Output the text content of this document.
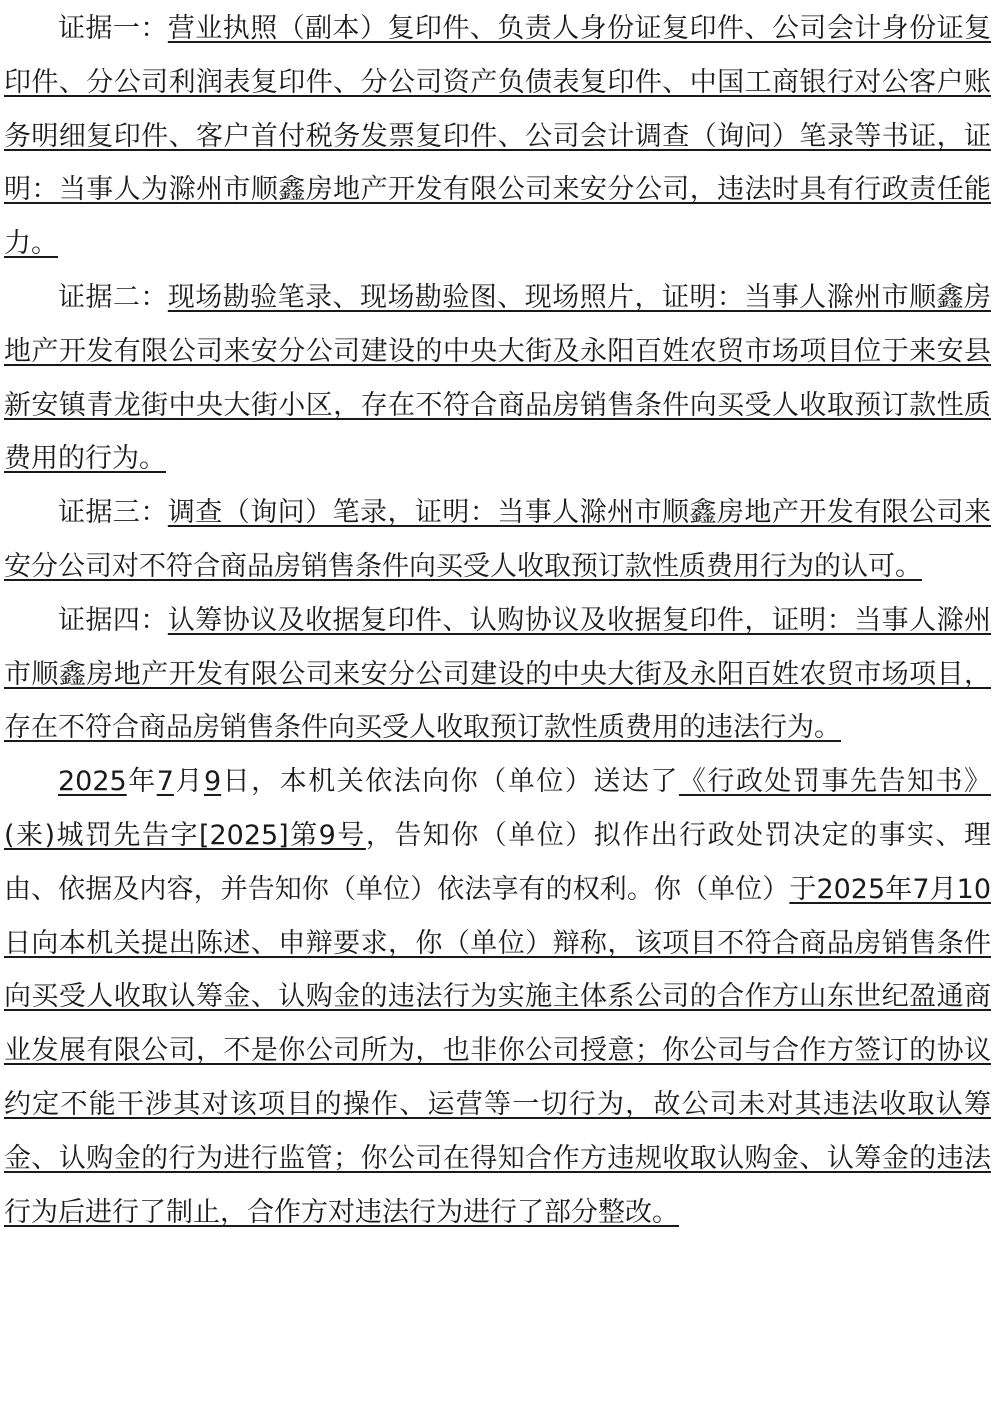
证据一：营业执照（副本）复印件、负责人身份证复印件、公司会计身份证复印件、分公司利润表复印件、分公司资产负债表复印件、中国工商银行对公客户账务明细复印件、客户首付税务发票复印件、公司会计调查（询问）笔录等书证，证明：当事人为滁州市顺鑫房地产开发有限公司来安分公司，违法时具有行政责任能力。

证据二：现场勘验笔录、现场勘验图、现场照片，证明：当事人滁州市顺鑫房地产开发有限公司来安分公司建设的中央大街及永阳百姓农贸市场项目位于来安县新安镇青龙街中央大街小区，存在不符合商品房销售条件向买受人收取预订款性质费用的行为。

证据三：调查（询问）笔录，证明：当事人滁州市顺鑫房地产开发有限公司来安分公司对不符合商品房销售条件向买受人收取预订款性质费用行为的认可。

证据四：认筹协议及收据复印件、认购协议及收据复印件，证明：当事人滁州市顺鑫房地产开发有限公司来安分公司建设的中央大街及永阳百姓农贸市场项目，存在不符合商品房销售条件向买受人收取预订款性质费用的违法行为。

2025年7月9日，本机关依法向你（单位）送达了《行政处罚事先告知书》(来)城罚先告字[2025]第9号，告知你（单位）拟作出行政处罚决定的事实、理由、依据及内容，并告知你（单位）依法享有的权利。你（单位）于2025年7月10日向本机关提出陈述、申辩要求，你（单位）辩称，该项目不符合商品房销售条件向买受人收取认筹金、认购金的违法行为实施主体系公司的合作方山东世纪盈通商业发展有限公司，不是你公司所为，也非你公司授意；你公司与合作方签订的协议约定不能干涉其对该项目的操作、运营等一切行为，故公司未对其违法收取认筹金、认购金的行为进行监管；你公司在得知合作方违规收取认购金、认筹金的违法行为后进行了制止，合作方对违法行为进行了部分整改。
